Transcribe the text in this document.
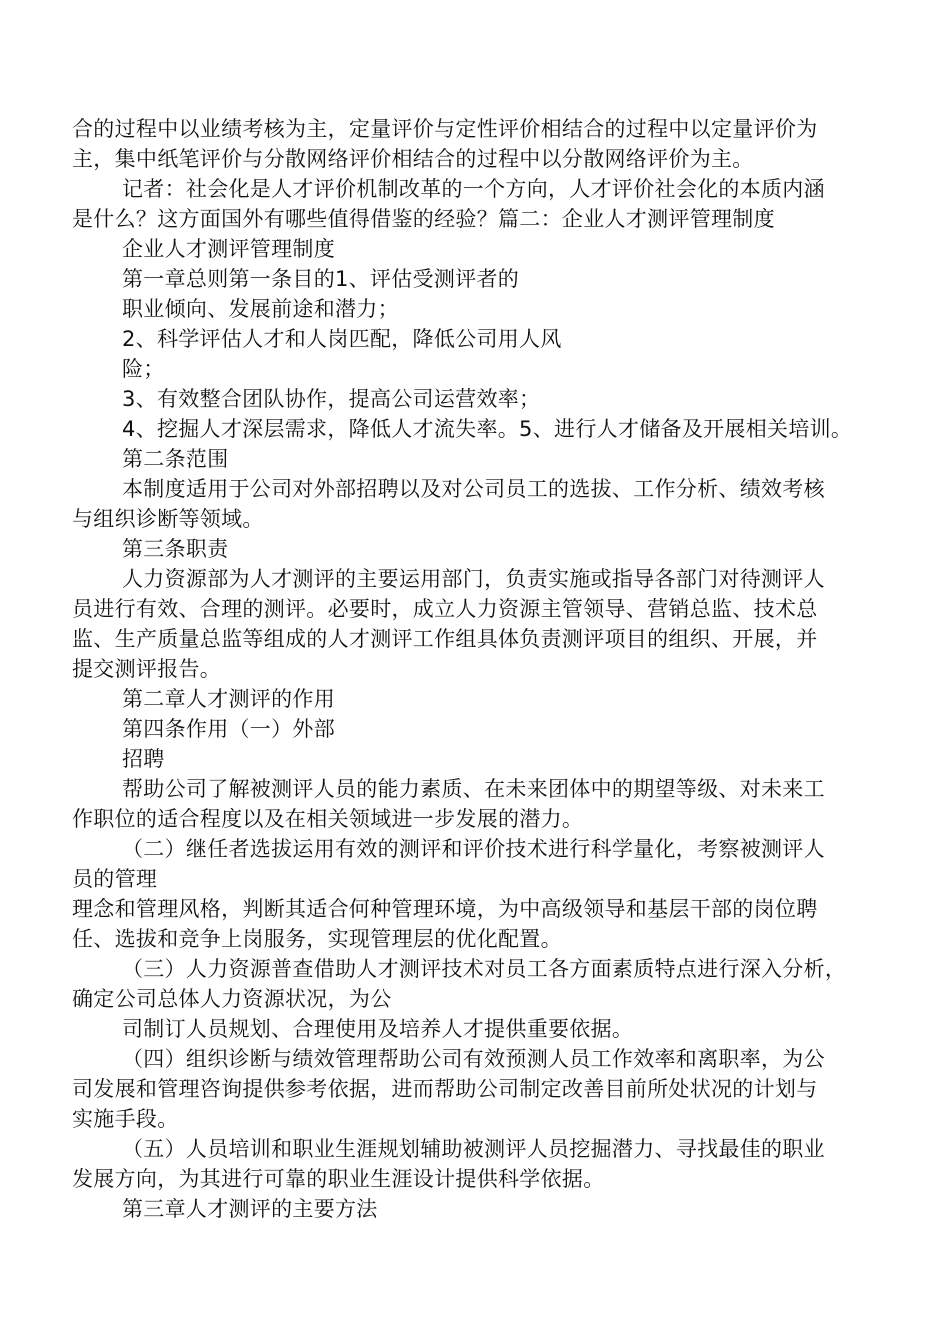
合的过程中以业绩考核为主，定量评价与定性评价相结合的过程中以定量评价为
主，集中纸笔评价与分散网络评价相结合的过程中以分散网络评价为主。
记者：社会化是人才评价机制改革的一个方向，人才评价社会化的本质内涵
是什么？这方面国外有哪些值得借鉴的经验？篇二：企业人才测评管理制度
企业人才测评管理制度
第一章总则第一条目的1、评估受测评者的
职业倾向、发展前途和潜力；
2、科学评估人才和人岗匹配，降低公司用人风
险；
3、有效整合团队协作，提高公司运营效率；
4、挖掘人才深层需求，降低人才流失率。5、进行人才储备及开展相关培训。
第二条范围
本制度适用于公司对外部招聘以及对公司员工的选拔、工作分析、绩效考核
与组织诊断等领域。
第三条职责
人力资源部为人才测评的主要运用部门，负责实施或指导各部门对待测评人
员进行有效、合理的测评。必要时，成立人力资源主管领导、营销总监、技术总
监、生产质量总监等组成的人才测评工作组具体负责测评项目的组织、开展，并
提交测评报告。
第二章人才测评的作用
第四条作用（一）外部
招聘
帮助公司了解被测评人员的能力素质、在未来团体中的期望等级、对未来工
作职位的适合程度以及在相关领域进一步发展的潜力。
（二）继任者选拔运用有效的测评和评价技术进行科学量化，考察被测评人
员的管理
理念和管理风格，判断其适合何种管理环境，为中高级领导和基层干部的岗位聘
任、选拔和竞争上岗服务，实现管理层的优化配置。
（三）人力资源普查借助人才测评技术对员工各方面素质特点进行深入分析，
确定公司总体人力资源状况，为公
司制订人员规划、合理使用及培养人才提供重要依据。
（四）组织诊断与绩效管理帮助公司有效预测人员工作效率和离职率，为公
司发展和管理咨询提供参考依据，进而帮助公司制定改善目前所处状况的计划与
实施手段。
（五）人员培训和职业生涯规划辅助被测评人员挖掘潜力、寻找最佳的职业
发展方向，为其进行可靠的职业生涯设计提供科学依据。
第三章人才测评的主要方法
